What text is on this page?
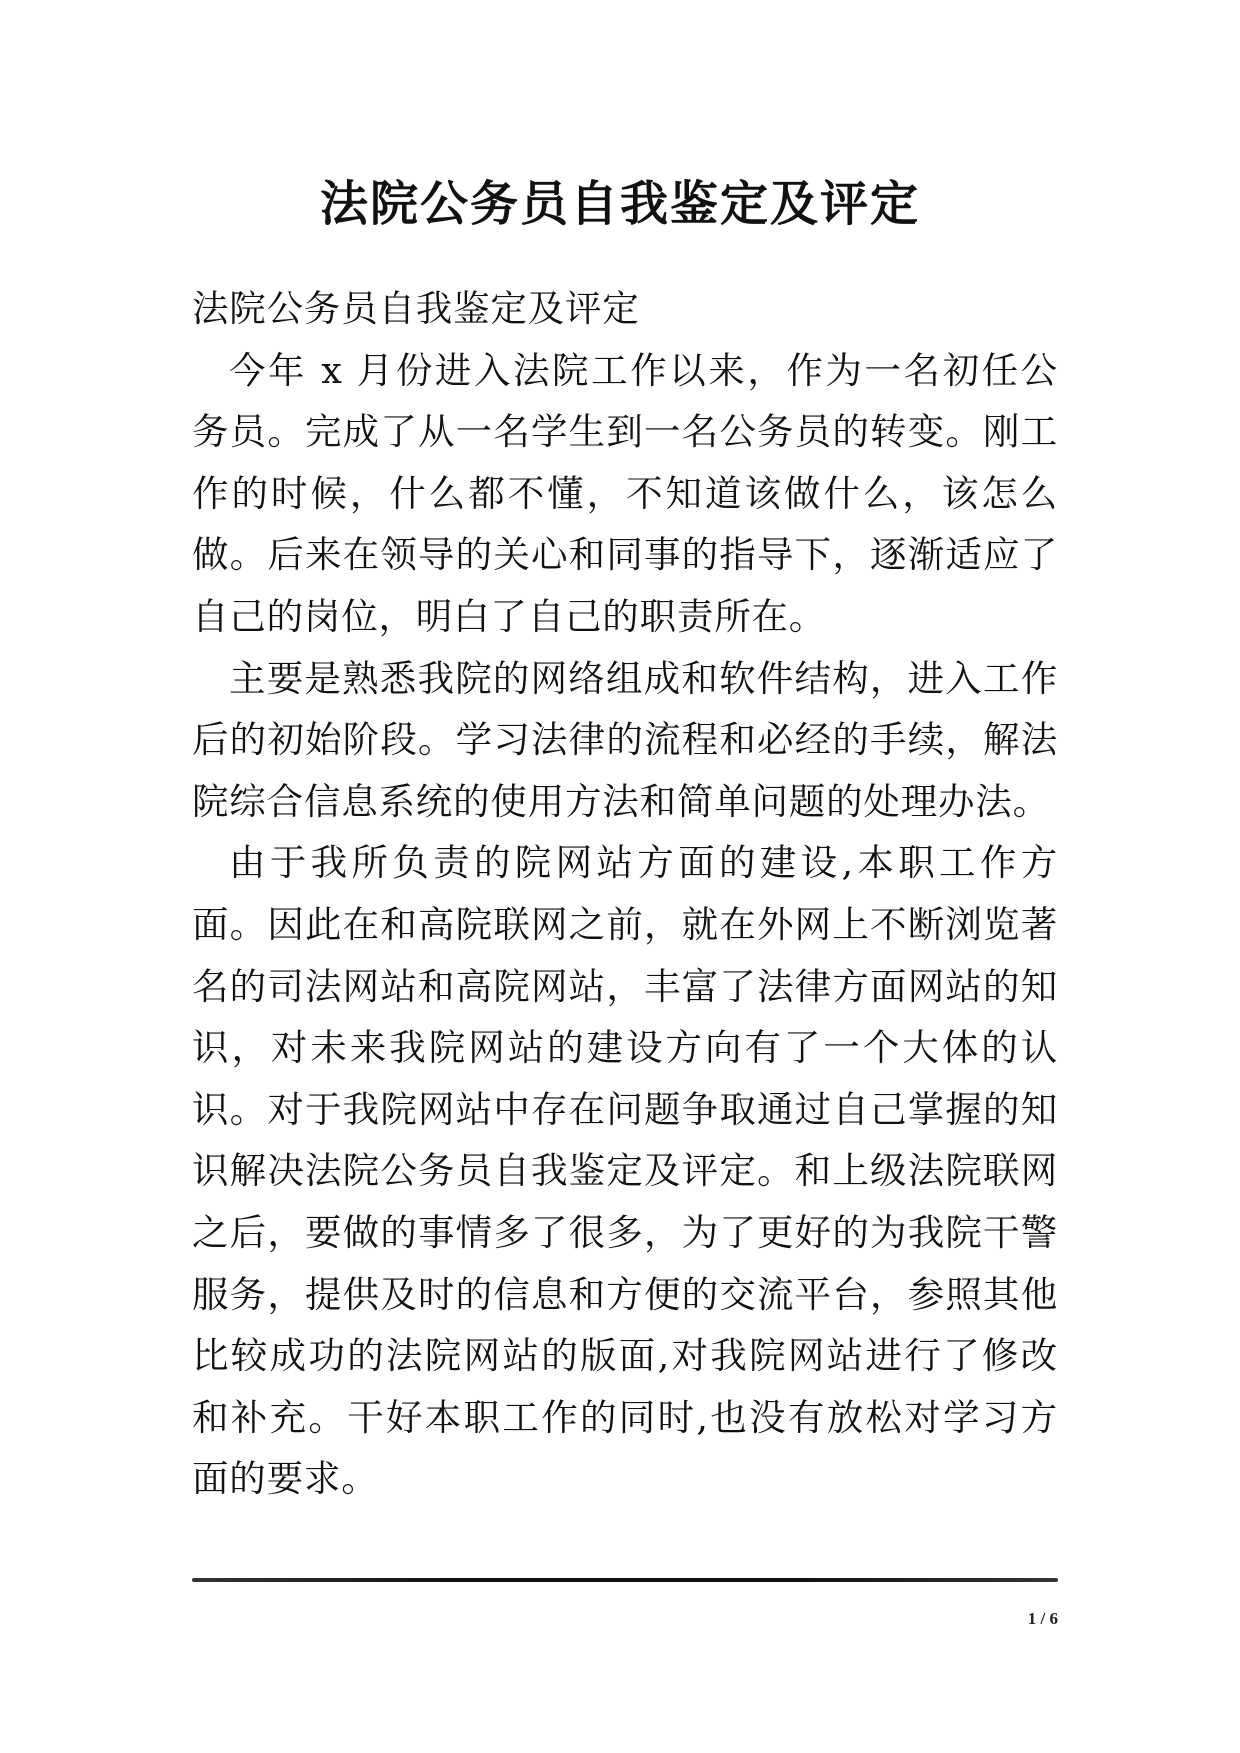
法院公务员自我鉴定及评定

法院公务员自我鉴定及评定

今年 x 月份进入法院工作以来，作为一名初任公务员。完成了从一名学生到一名公务员的转变。刚工作的时候，什么都不懂，不知道该做什么，该怎么做。后来在领导的关心和同事的指导下，逐渐适应了自己的岗位，明白了自己的职责所在。

主要是熟悉我院的网络组成和软件结构，进入工作后的初始阶段。学习法律的流程和必经的手续，解法院综合信息系统的使用方法和简单问题的处理办法。

由于我所负责的院网站方面的建设,本职工作方面。因此在和高院联网之前，就在外网上不断浏览著名的司法网站和高院网站，丰富了法律方面网站的知识，对未来我院网站的建设方向有了一个大体的认识。对于我院网站中存在问题争取通过自己掌握的知识解决法院公务员自我鉴定及评定。和上级法院联网之后，要做的事情多了很多，为了更好的为我院干警服务，提供及时的信息和方便的交流平台，参照其他比较成功的法院网站的版面,对我院网站进行了修改和补充。干好本职工作的同时,也没有放松对学习方面的要求。

1 / 6
